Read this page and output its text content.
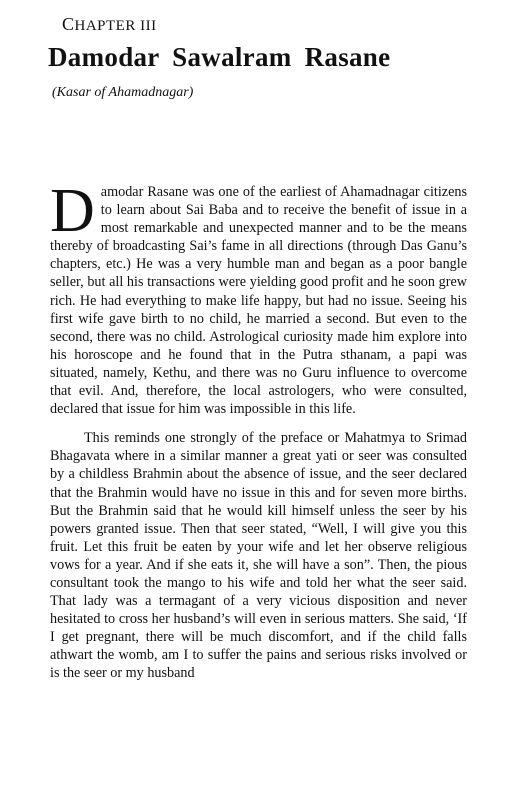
CHAPTER III
Damodar Sawalram Rasane
(Kasar of Ahamadnagar)

Damodar Rasane was one of the earliest of Ahamadnagar citizens to learn about Sai Baba and to receive the benefit of issue in a most remarkable and unexpected manner and to be the means thereby of broadcasting Sai’s fame in all directions (through Das Ganu’s chapters, etc.) He was a very humble man and began as a poor bangle seller, but all his transactions were yielding good profit and he soon grew rich. He had everything to make life happy, but had no issue. Seeing his first wife gave birth to no child, he married a second. But even to the second, there was no child. Astrological curiosity made him explore into his horoscope and he found that in the Putra sthanam, a papi was situated, namely, Kethu, and there was no Guru influence to overcome that evil. And, therefore, the local astrologers, who were consulted, declared that issue for him was impossible in this life.

This reminds one strongly of the preface or Mahatmya to Srimad Bhagavata where in a similar manner a great yati or seer was consulted by a childless Brahmin about the absence of issue, and the seer declared that the Brahmin would have no issue in this and for seven more births. But the Brahmin said that he would kill himself unless the seer by his powers granted issue. Then that seer stated, “Well, I will give you this fruit. Let this fruit be eaten by your wife and let her observe religious vows for a year. And if she eats it, she will have a son”. Then, the pious consultant took the mango to his wife and told her what the seer said. That lady was a termagant of a very vicious disposition and never hesitated to cross her husband’s will even in serious matters. She said, ‘If I get pregnant, there will be much discomfort, and if the child falls athwart the womb, am I to suffer the pains and serious risks involved or is the seer or my husband
